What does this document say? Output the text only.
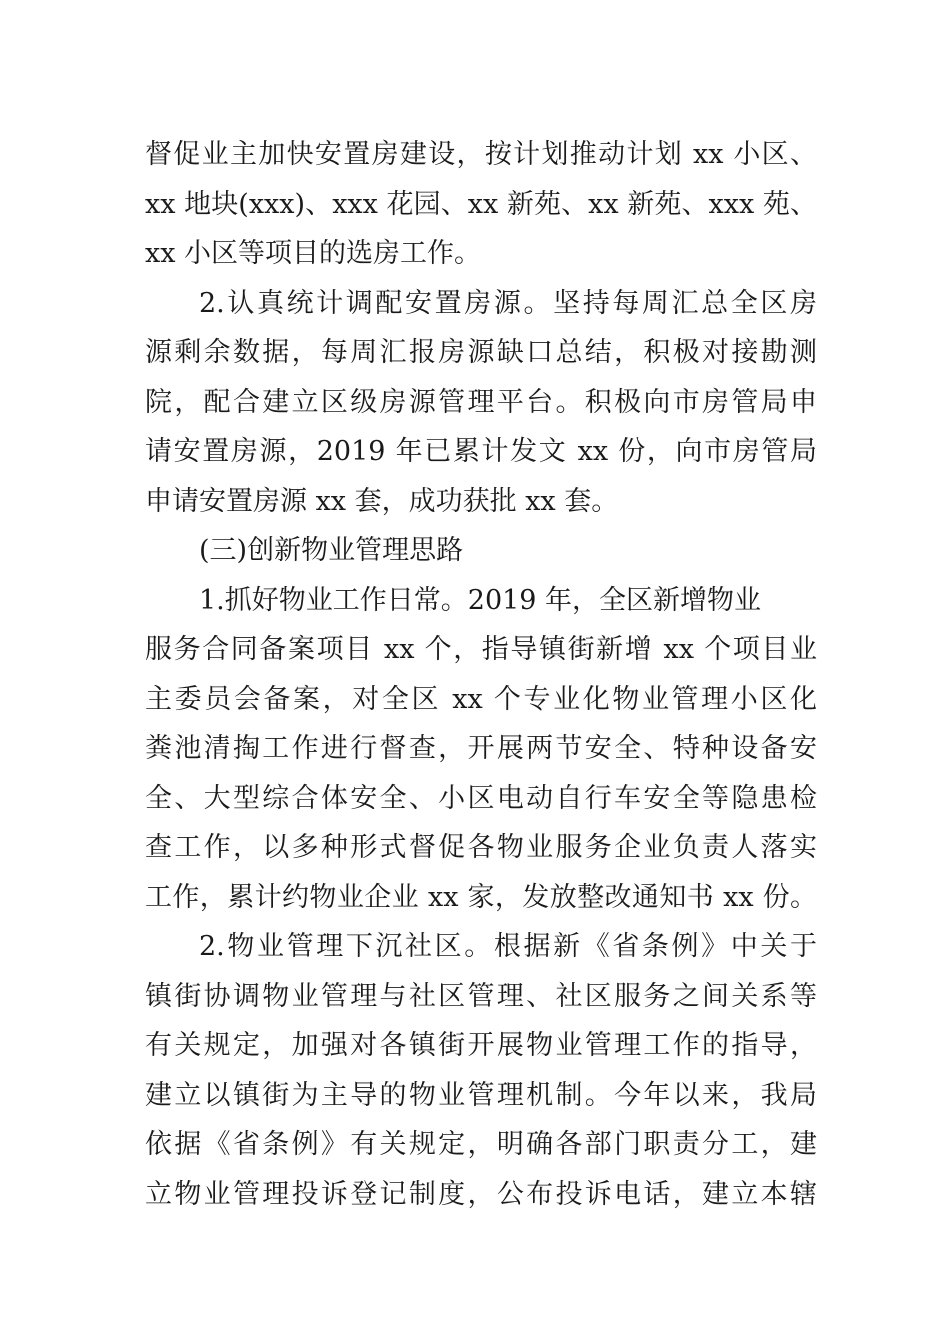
督促业主加快安置房建设，按计划推动计划 xx 小区、
xx 地块(xxx)、xxx 花园、xx 新苑、xx 新苑、xxx 苑、
xx 小区等项目的选房工作。
2.认真统计调配安置房源。坚持每周汇总全区房
源剩余数据，每周汇报房源缺口总结，积极对接勘测
院，配合建立区级房源管理平台。积极向市房管局申
请安置房源，2019 年已累计发文 xx 份，向市房管局
申请安置房源 xx 套，成功获批 xx 套。
(三)创新物业管理思路
1.抓好物业工作日常。2019 年，全区新增物业
服务合同备案项目 xx 个，指导镇街新增 xx 个项目业
主委员会备案，对全区 xx 个专业化物业管理小区化
粪池清掏工作进行督查，开展两节安全、特种设备安
全、大型综合体安全、小区电动自行车安全等隐患检
查工作，以多种形式督促各物业服务企业负责人落实
工作，累计约物业企业 xx 家，发放整改通知书 xx 份。
2.物业管理下沉社区。根据新《省条例》中关于
镇街协调物业管理与社区管理、社区服务之间关系等
有关规定，加强对各镇街开展物业管理工作的指导，
建立以镇街为主导的物业管理机制。今年以来，我局
依据《省条例》有关规定，明确各部门职责分工，建
立物业管理投诉登记制度，公布投诉电话，建立本辖
